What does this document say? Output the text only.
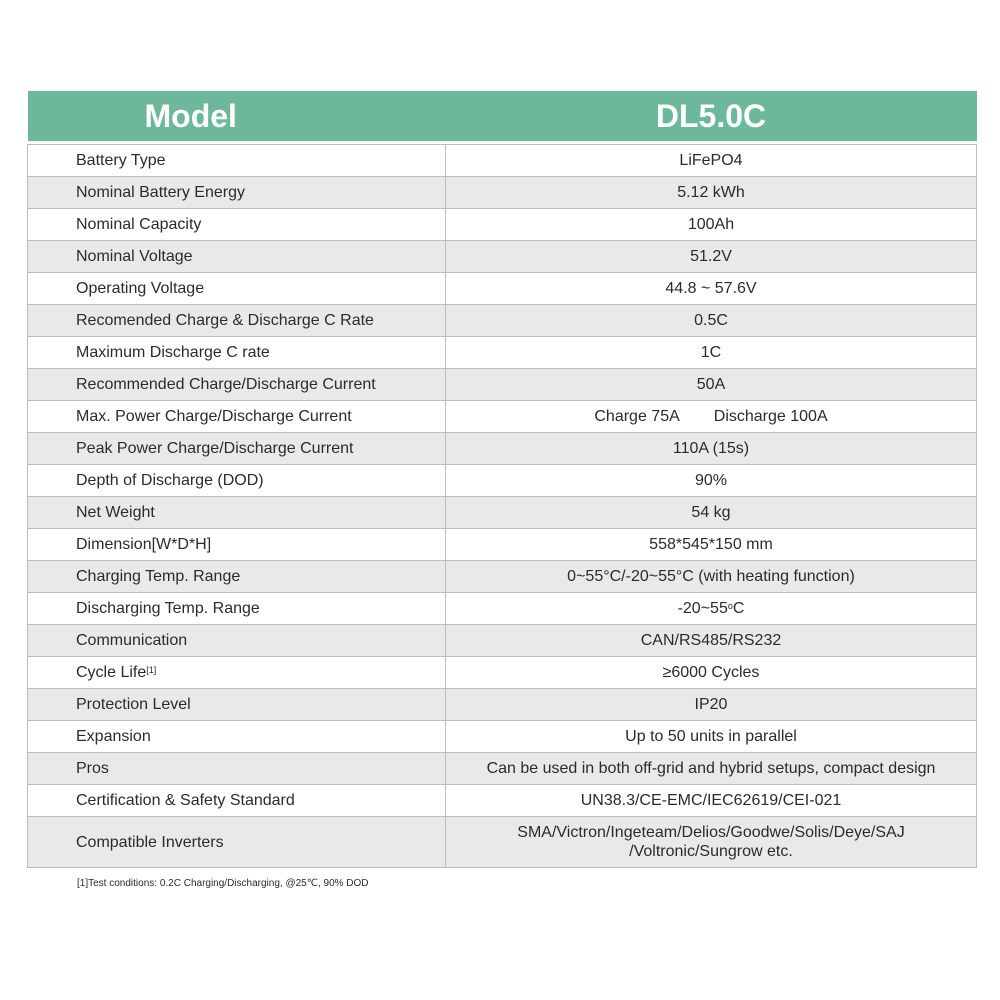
Model	DL5.0C

Battery Type	LiFePO4
Nominal Battery Energy	5.12 kWh
Nominal Capacity	100Ah
Nominal Voltage	51.2V
Operating Voltage	44.8 ~ 57.6V
Recomended Charge & Discharge C Rate	0.5C
Maximum Discharge C rate	1C
Recommended Charge/Discharge Current	50A
Max. Power Charge/Discharge Current	Charge 75A Discharge 100A
Peak Power Charge/Discharge Current	110A (15s)
Depth of Discharge (DOD)	90%
Net Weight	54 kg
Dimension[W*D*H]	558*545*150 mm
Charging Temp. Range	0~55°C/-20~55°C (with heating function)
Discharging Temp. Range	-20~55$^o$C
Communication	CAN/RS485/RS232
Cycle Life[1]	≥6000 Cycles
Protection Level	IP20
Expansion	Up to 50 units in parallel
Pros	Can be used in both off-grid and hybrid setups, compact design
Certification & Safety Standard	UN38.3/CE-EMC/IEC62619/CEI-021
Compatible Inverters	SMA/Victron/Ingeteam/Delios/Goodwe/Solis/Deye/SAJ
/Voltronic/Sungrow etc.
[1]Test conditions: 0.2C Charging/Discharging, @25℃, 90% DOD
